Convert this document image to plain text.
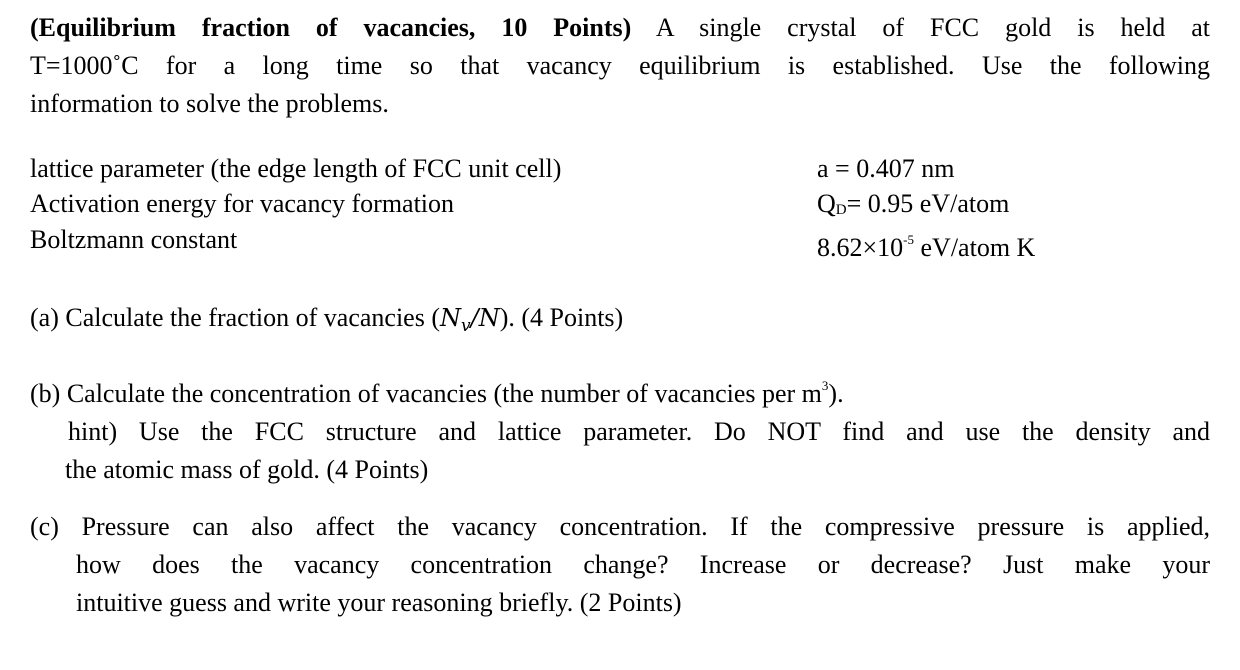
(Equilibrium fraction of vacancies, 10 Points) A single crystal of FCC gold is held at
T=1000˚C for a long time so that vacancy equilibrium is established. Use the following
information to solve the problems.
lattice parameter (the edge length of FCC unit cell)	a = 0.407 nm
Activation energy for vacancy formation	QD= 0.95 eV/atom
Boltzmann constant	$8.62\times 10^{-5}$ eV/atom K
(a) Calculate the fraction of vacancies $(N_v/N)$. (4 Points)
(b) Calculate the concentration of vacancies (the number of vacancies per $m^3$).
hint) Use the FCC structure and lattice parameter. Do NOT find and use the density and
the atomic mass of gold. (4 Points)
(c) Pressure can also affect the vacancy concentration. If the compressive pressure is applied,
how does the vacancy concentration change? Increase or decrease? Just make your
intuitive guess and write your reasoning briefly. (2 Points)
